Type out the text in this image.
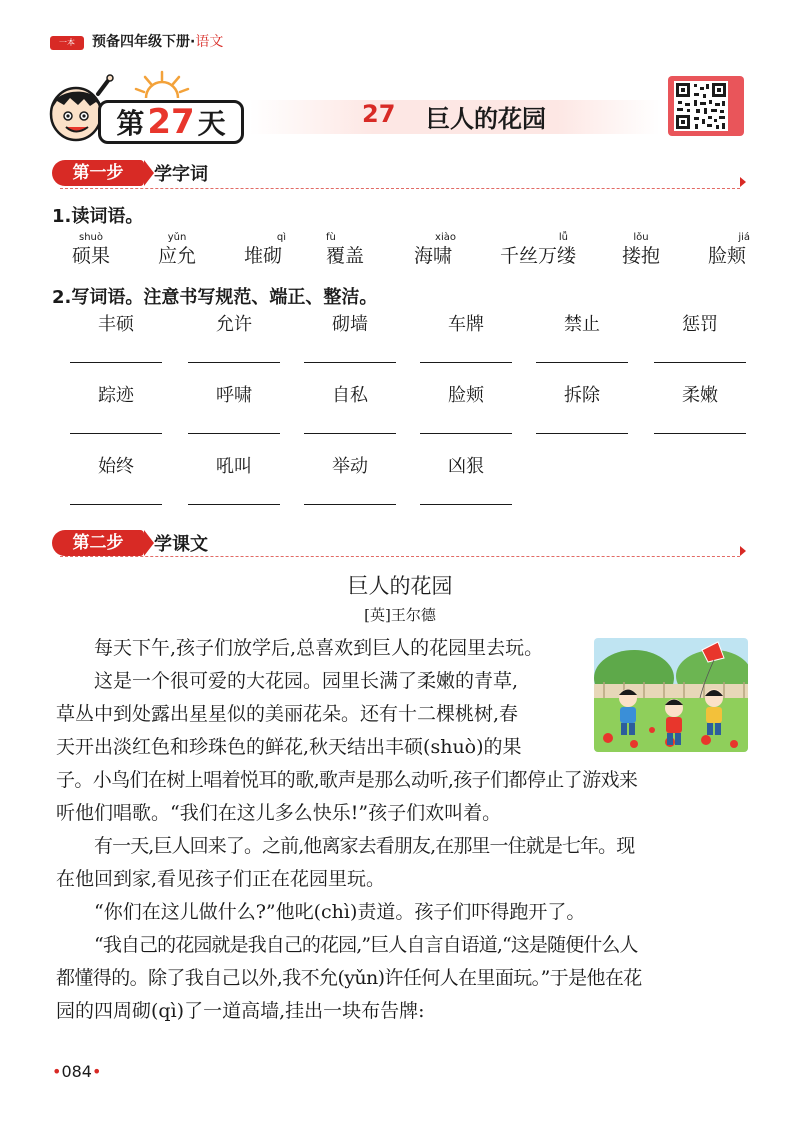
一本	预备四年级下册·语文
第 27 天	27 巨人的花园
第一步	学字词
1.读词语。
shuò
硕果
yǔn
应允
qì
堆砌
fù
覆盖
xiào
海啸
lǚ
千丝万缕
lǒu
搂抱
jiá
脸颊
2.写词语。注意书写规范、端正、整洁。
丰硕	允许	砌墙	车牌	禁止	惩罚
踪迹	呼啸	自私	脸颊	拆除	柔嫩
始终	吼叫	举动	凶狠
第二步	学课文
巨人的花园
[英]王尔德
每天下午,孩子们放学后,总喜欢到巨人的花园里去玩。
这是一个很可爱的大花园。园里长满了柔嫩的青草,
草丛中到处露出星星似的美丽花朵。还有十二棵桃树,春
天开出淡红色和珍珠色的鲜花,秋天结出丰硕(shuò)的果
子。小鸟们在树上唱着悦耳的歌,歌声是那么动听,孩子们都停止了游戏来
听他们唱歌。“我们在这儿多么快乐!”孩子们欢叫着。
有一天,巨人回来了。之前,他离家去看朋友,在那里一住就是七年。现
在他回到家,看见孩子们正在花园里玩。
“你们在这儿做什么?”他叱(chì)责道。孩子们吓得跑开了。
“我自己的花园就是我自己的花园,”巨人自言自语道,“这是随便什么人
都懂得的。除了我自己以外,我不允(yǔn)许任何人在里面玩。”于是他在花
园的四周砌(qì)了一道高墙,挂出一块布告牌:
• 084 •
